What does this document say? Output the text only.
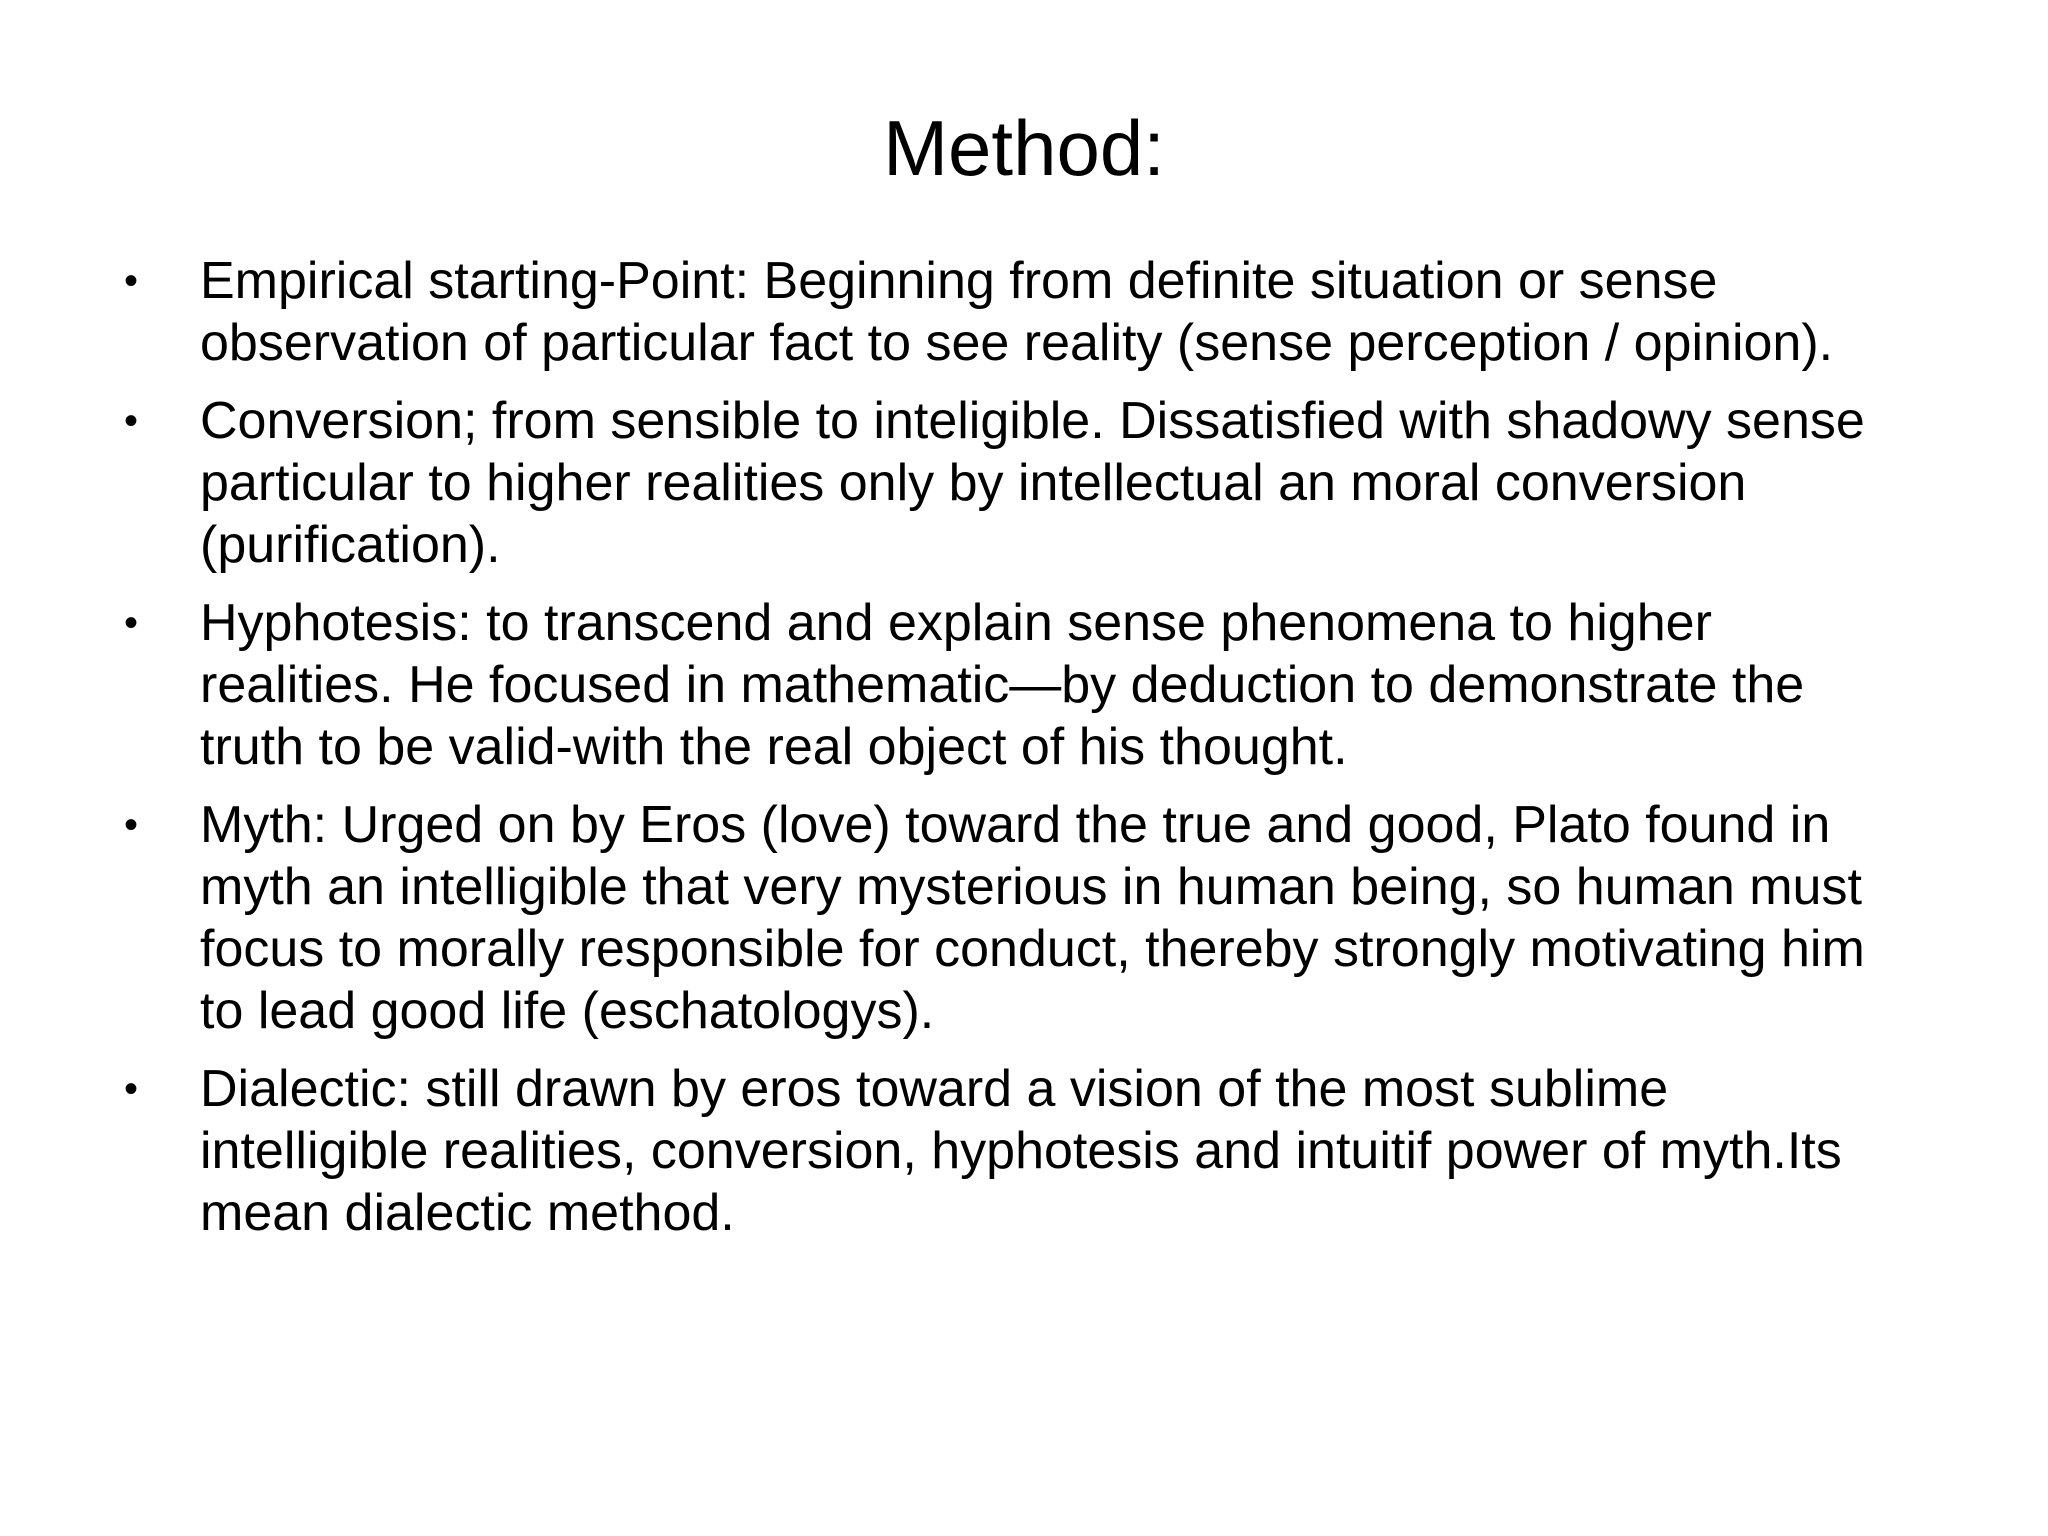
Method:
• Empirical starting-Point: Beginning from definite situation or sense observation of particular fact to see reality (sense perception / opinion).
• Conversion; from sensible to inteligible. Dissatisfied with shadowy sense particular to higher realities only by intellectual an moral conversion (purification).
• Hyphotesis: to transcend and explain sense phenomena to higher realities. He focused in mathematic—by deduction to demonstrate the truth to be valid-with the real object of his thought.
• Myth: Urged on by Eros (love) toward the true and good, Plato found in myth an intelligible that very mysterious in human being, so human must focus to morally responsible for conduct, thereby strongly motivating him to lead good life (eschatologys).
• Dialectic: still drawn by eros toward a vision of the most sublime intelligible realities, conversion, hyphotesis and intuitif power of myth.Its mean dialectic method.
